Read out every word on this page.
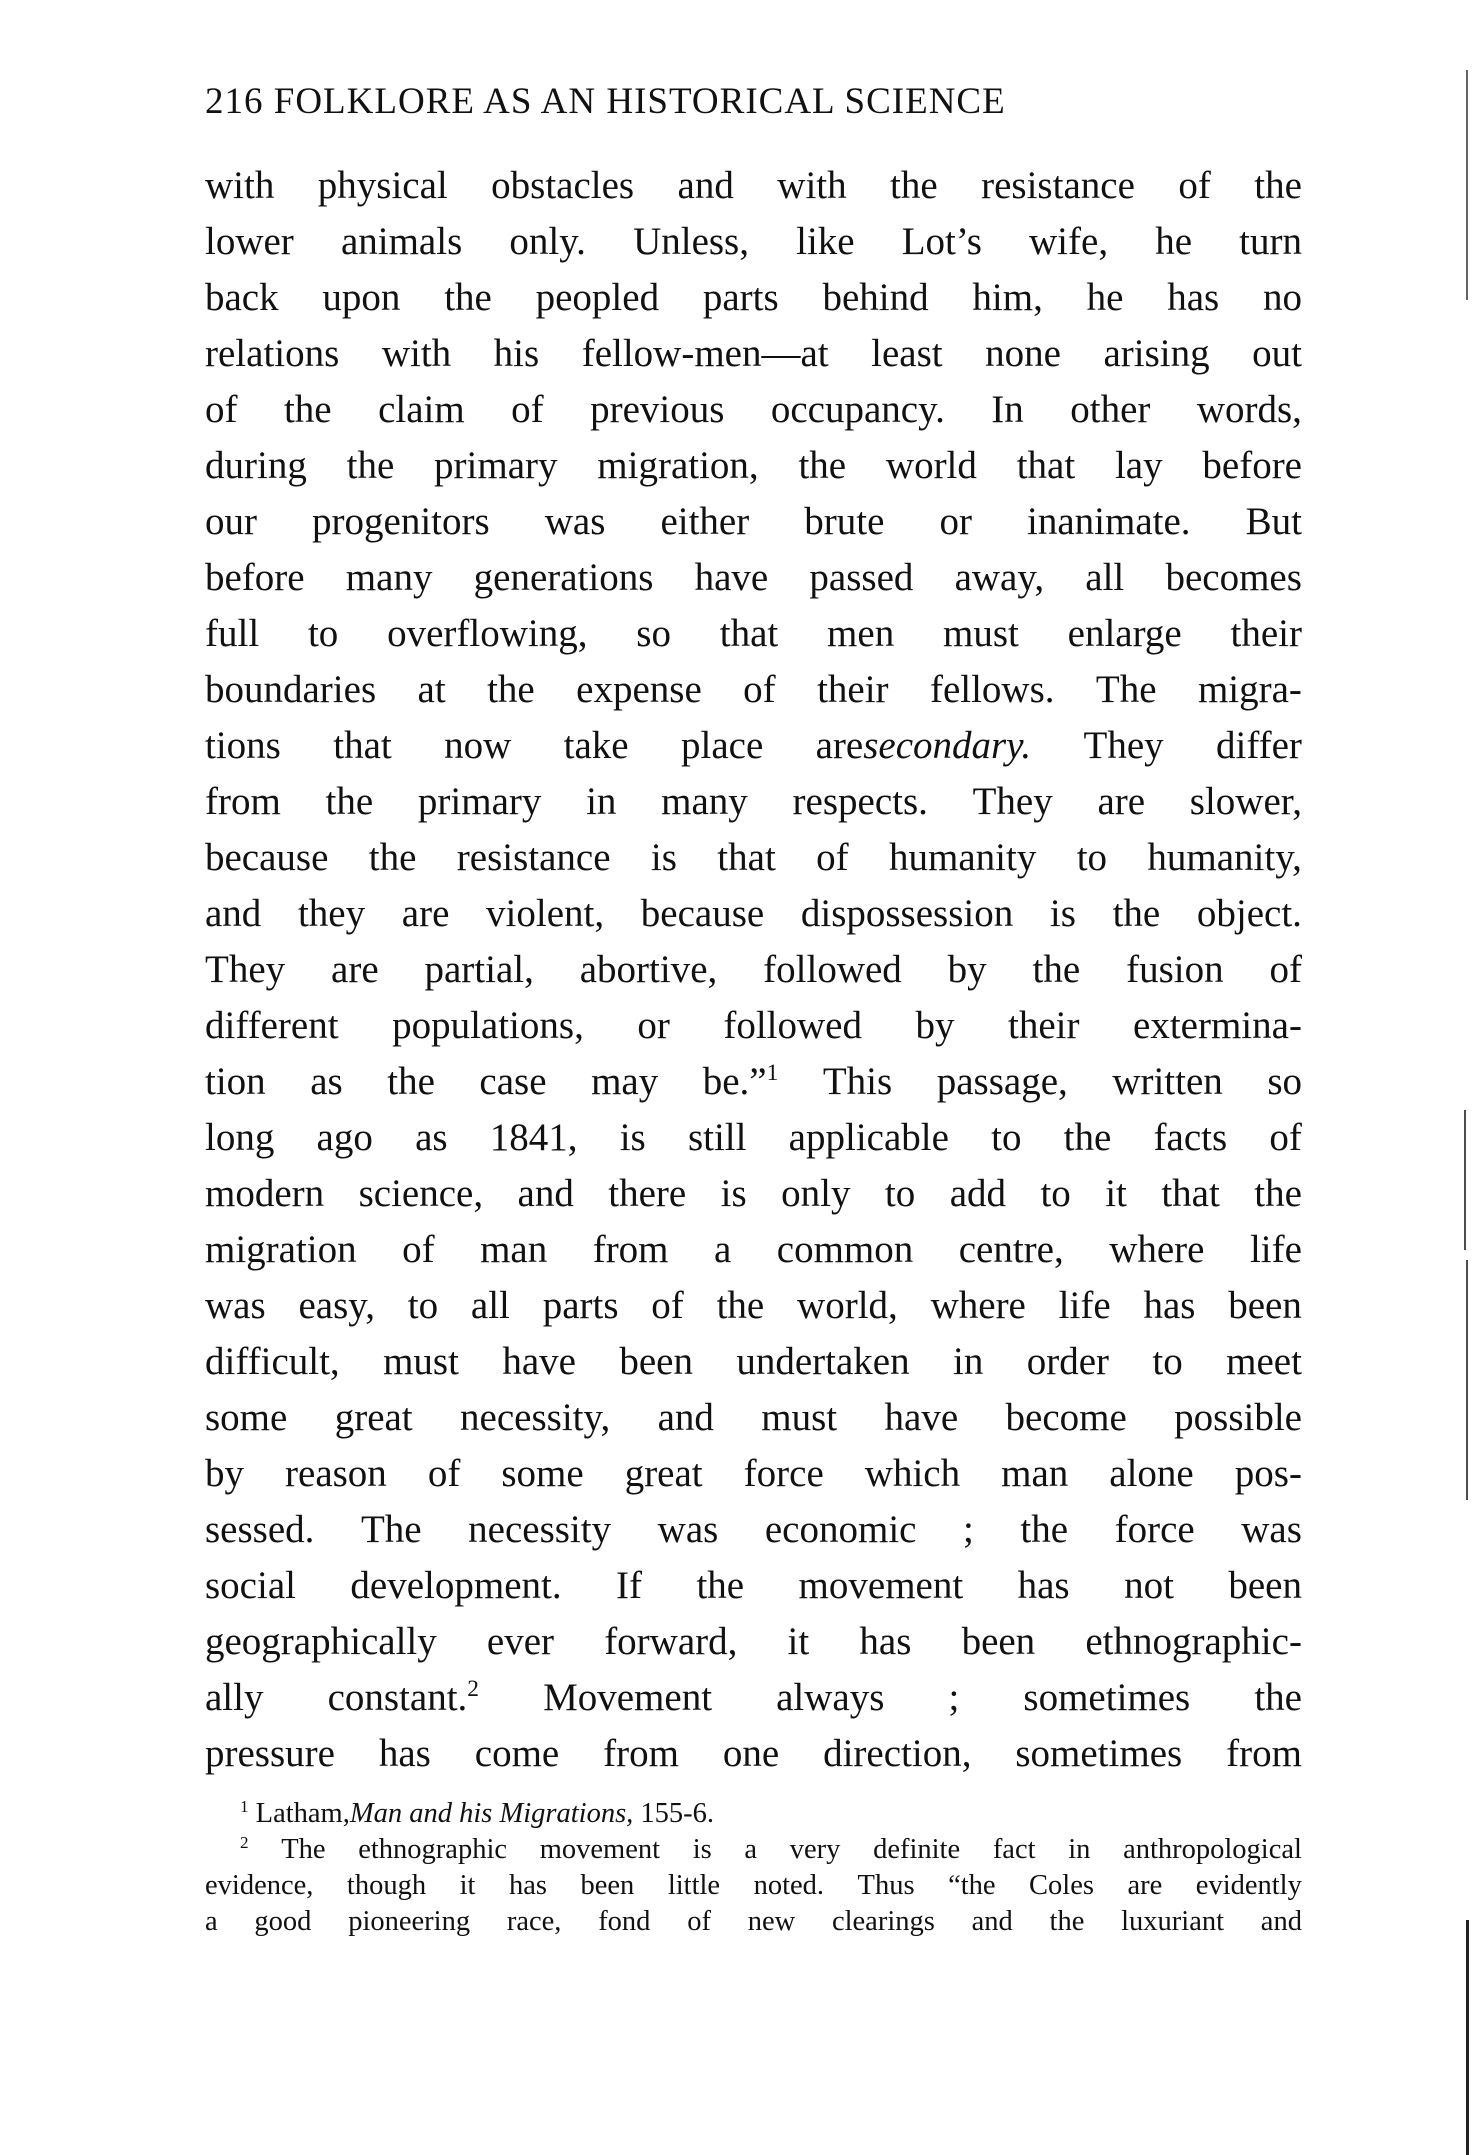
216 FOLKLORE AS AN HISTORICAL SCIENCE
with physical obstacles and with the resistance of the
lower animals only. Unless, like Lot’s wife, he turn
back upon the peopled parts behind him, he has no
relations with his fellow-men—at least none arising out
of the claim of previous occupancy. In other words,
during the primary migration, the world that lay before
our progenitors was either brute or inanimate. But
before many generations have passed away, all becomes
full to overflowing, so that men must enlarge their
boundaries at the expense of their fellows. The migra-
tions that now take place aresecondary. They differ
from the primary in many respects. They are slower,
because the resistance is that of humanity to humanity,
and they are violent, because dispossession is the object.
They are partial, abortive, followed by the fusion of
different populations, or followed by their extermina-
tion as the case may be.”$^1$ This passage, written so
long ago as 1841, is still applicable to the facts of
modern science, and there is only to add to it that the
migration of man from a common centre, where life
was easy, to all parts of the world, where life has been
difficult, must have been undertaken in order to meet
some great necessity, and must have become possible
by reason of some great force which man alone pos-
sessed. The necessity was economic ; the force was
social development. If the movement has not been
geographically ever forward, it has been ethnographic-
ally constant.$^2$ Movement always ; sometimes the
pressure has come from one direction, sometimes from
$^1$ Latham,Man and his Migrations, 155-6.
$^2$ The ethnographic movement is a very definite fact in anthropological
evidence, though it has been little noted. Thus “the Coles are evidently
a good pioneering race, fond of new clearings and the luxuriant and
